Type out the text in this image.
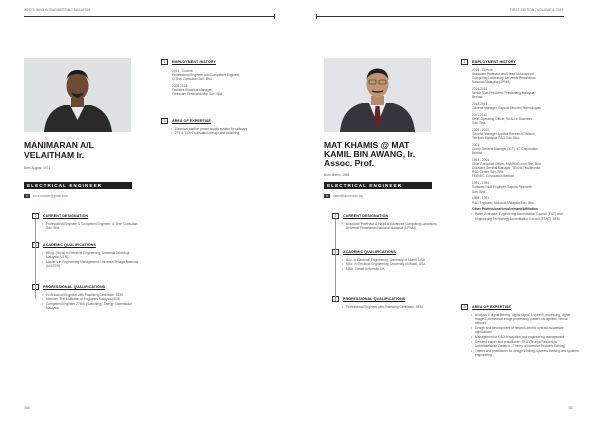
WHO'S WHO IN ENGINEERING MALAYSIA
MANIMARAN A/L
VELAITHAM Ir.
Born August, 1971
ELECTRICAL ENGINEER
✉	kvck.manoe@gmail.com
1	EMPLOYMENT HISTORY
2014 - Current
Professional Engineer and Competent Engineer,
IJ-Tech Consultan Sdn. Bhd.
2008-2013
Facilities Electrical Manager,
Freescale Semiconductor Sdn. Bhd.
5	AREA OF EXPERTISE
• Electrical traction power supply system for railways
• 275 & 132kV substation design and switching
2	CURRENT DESIGNATION
• Professional Engineer & Competent Engineer, IJ-Tech Consultan Sdn. Bhd.
3	ACADEMIC QUALIFICATIONS
• BEng. (Hons) in Electrical Engineering, Universiti Teknologi Malaysia (UTM)
• Master's in Engineering Management, Universiti Tenaga Nasional (UNITEN)
4	PROFESSIONAL QUALIFICATIONS
• Professional Engineer with Practising Certificate, BEM
• Member, The Institution of Engineers Malaysia (IEM)
• Competent Engineer 275kV (Switching), Energy Commission Malaysia
386
FIRST EDITION | VOLUME 4, 2019
MAT KHAMIS @ MAT
KAMIL BIN AWANG, Ir.
Assoc. Prof.
Born March, 1966
ELECTRICAL ENGINEER
✉	kamil@upnm.edu.my
2	CURRENT DESIGNATION
• Associate Professor & Head of Advanced Computing Laboratory, Universiti Pertahanan Nasional Malaysia (UPNM)
3	ACADEMIC QUALIFICATIONS
• BSc. in Electrical Engineering, University of Miami, USA
• MSc. in Electrical Engineering, University of Miami, USA
• MBA, Cardiff University, UK
4	PROFESSIONAL QUALIFICATIONS
• Professional Engineer with Practising Certificate, BEM
1	EMPLOYMENT HISTORY
2016 - Current
Associate Professor and Head of Advanced
Computing Laboratory, Universiti Pertahanan
Nasional Malaysia (UPNM)
2016-2016
Senior Vice-President, Prestariang Malaysia
Berhad
2012-2014
General Manager, Sapura Secured Technologies
2011-2012
Chief Operating Officer, SKALI e-Business
Sdn. Bhd.
2004 - 2010
General Manager Applied Research Division,
Telekom Malaysia R&D Sdn. Bhd.
2001
Group General Manager (ICT), IIC Corporation
Berhad
1994 - 2000
Chief Executive Officer, MyMRND.com Sdn. Bhd.
Assistant General Manager, TEKNIC Multimedia
R&D Centre Sdn. Bhd.
FEENEC Corporation Berhad
1991 - 1994
Software R&D Engineer, Sapura Research
Sdn. Bhd.
1988 - 1991
R&D Engineer, Motorola Malaysia Sdn. Bhd.
Other Professional Involvement/Affiliation
• Panel Evaluator, Engineering Accreditation Council (EAC) and Engineering Technology Accreditation Council (ETAC), BEM
5	AREA OF EXPERTISE
• Analysis & digital filtering, digital signal & speech processing, digital image & biomedical image processing, pattern recognition, neural network
• Design and development of network-centric operations/warfare applications
• Management of R&D, innovation and engineering management
• Certified trainer and practitioner: TRIZ (Teoriya Resheniya Izobretatelskikh Zadatch – Theory of Inventive Problem Solving)
• Trainer and practitioner for design thinking, systems thinking and systems engineering
387
